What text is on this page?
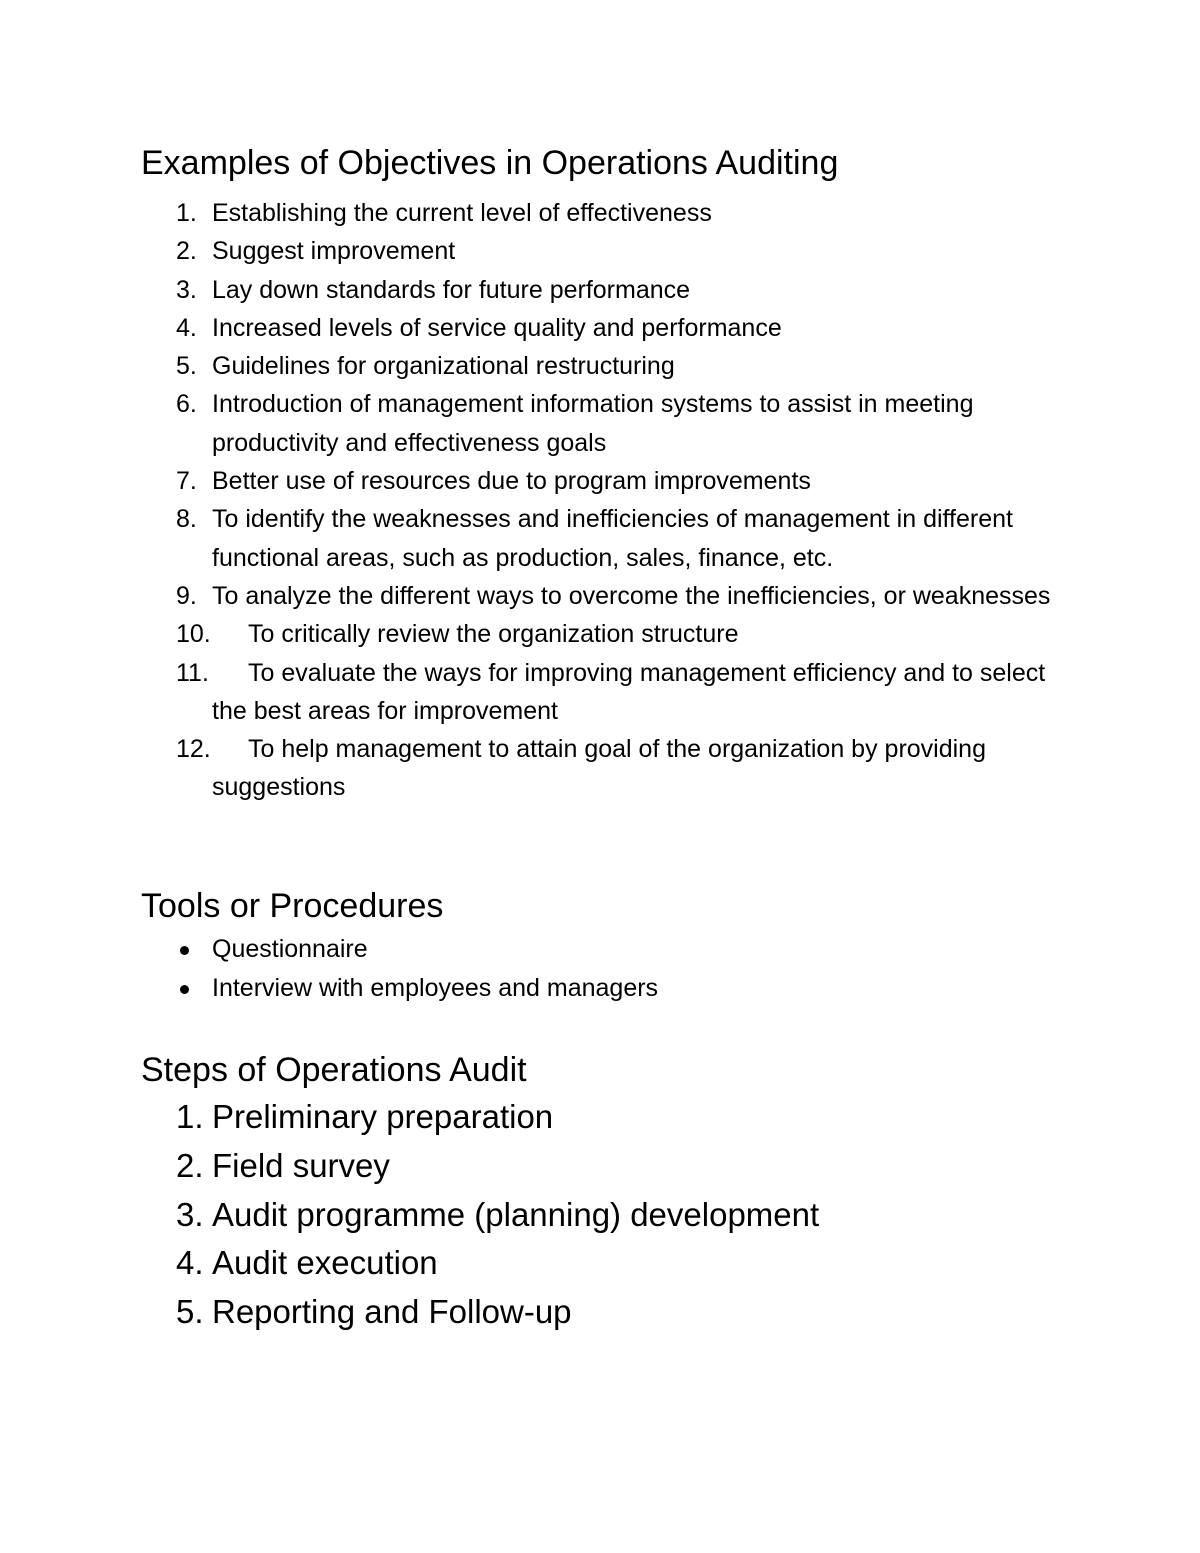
Examples of Objectives in Operations Auditing
1. Establishing the current level of effectiveness
2. Suggest improvement
3. Lay down standards for future performance
4. Increased levels of service quality and performance
5. Guidelines for organizational restructuring
6. Introduction of management information systems to assist in meeting productivity and effectiveness goals
7. Better use of resources due to program improvements
8. To identify the weaknesses and inefficiencies of management in different functional areas, such as production, sales, finance, etc.
9. To analyze the different ways to overcome the inefficiencies, or weaknesses
10. To critically review the organization structure
11. To evaluate the ways for improving management efficiency and to select the best areas for improvement
12. To help management to attain goal of the organization by providing suggestions
Tools or Procedures
Questionnaire
Interview with employees and managers
Steps of Operations Audit
1. Preliminary preparation
2. Field survey
3. Audit programme (planning) development
4. Audit execution
5. Reporting and Follow-up
